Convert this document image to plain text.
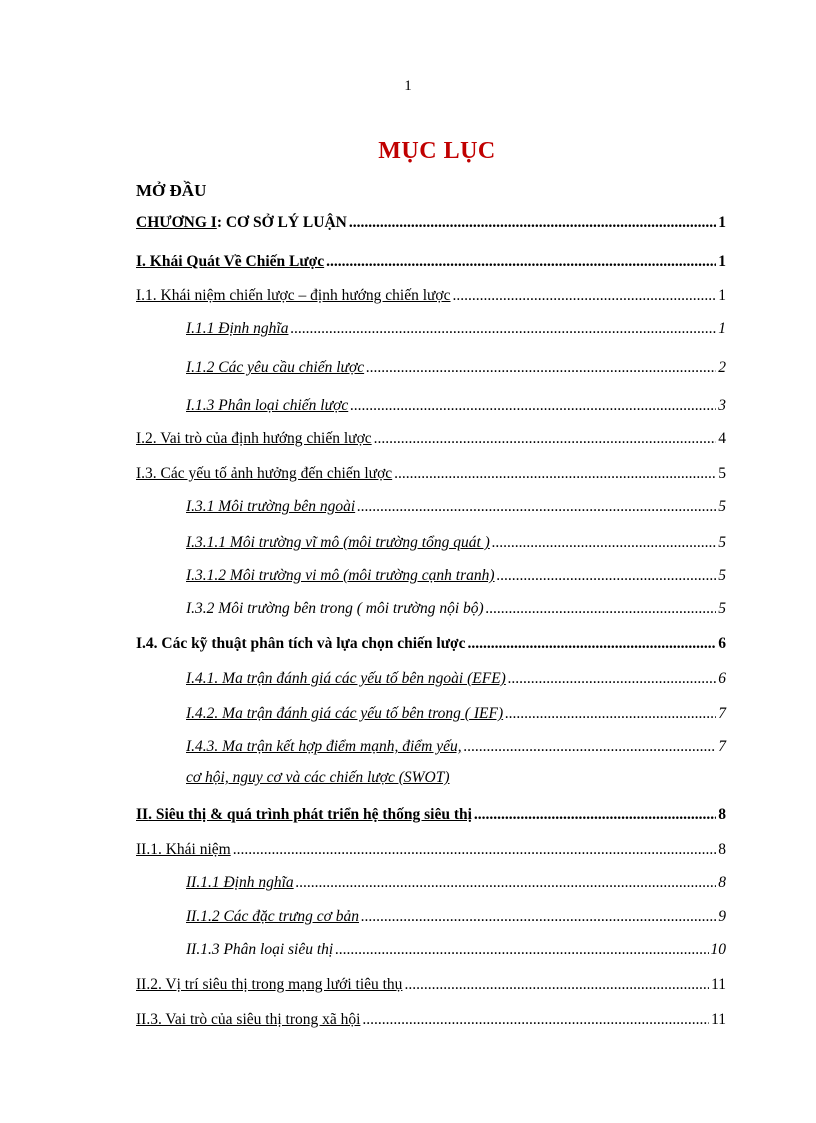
1
MỤC LỤC
MỞ ĐẦU
CHƯƠNG I: CƠ SỞ LÝ LUẬN .....	1
I. Khái Quát Về Chiến Lược .....	1
I.1. Khái niệm chiến lược – định hướng chiến lược .....	1
I.1.1 Định nghĩa .....	1
I.1.2 Các yêu cầu chiến lược .....	2
I.1.3 Phân loại chiến lược .....	3
I.2. Vai trò của định hướng chiến lược .....	4
I.3. Các yếu tố ảnh hưởng đến chiến lược .....	5
I.3.1 Môi trường bên ngoài .....	5
I.3.1.1 Môi trường vĩ mô (môi trường tổng quát ) .....	5
I.3.1.2 Môi trường vi mô (môi trường cạnh tranh) .....	5
I.3.2 Môi trường bên trong ( môi trường nội bộ) .....	5
I.4. Các kỹ thuật phân tích và lựa chọn chiến lược .....	6
I.4.1. Ma trận đánh giá các yếu tố bên ngoài (EFE) .....	6
I.4.2. Ma trận đánh giá các yếu tố bên trong ( IEF) .....	7
I.4.3. Ma trận kết hợp điểm mạnh, điểm yếu, .....	7
cơ hội, nguy cơ và các chiến lược (SWOT)
II. Siêu thị & quá trình phát triển hệ thống siêu thị .....	8
II.1. Khái niệm .....	8
II.1.1 Định nghĩa .....	8
II.1.2 Các đặc trưng cơ bản .....	9
II.1.3 Phân loại siêu thị .....	10
II.2. Vị trí siêu thị trong mạng lưới tiêu thụ .....	11
II.3. Vai trò của siêu thị trong xã hội .....	11
